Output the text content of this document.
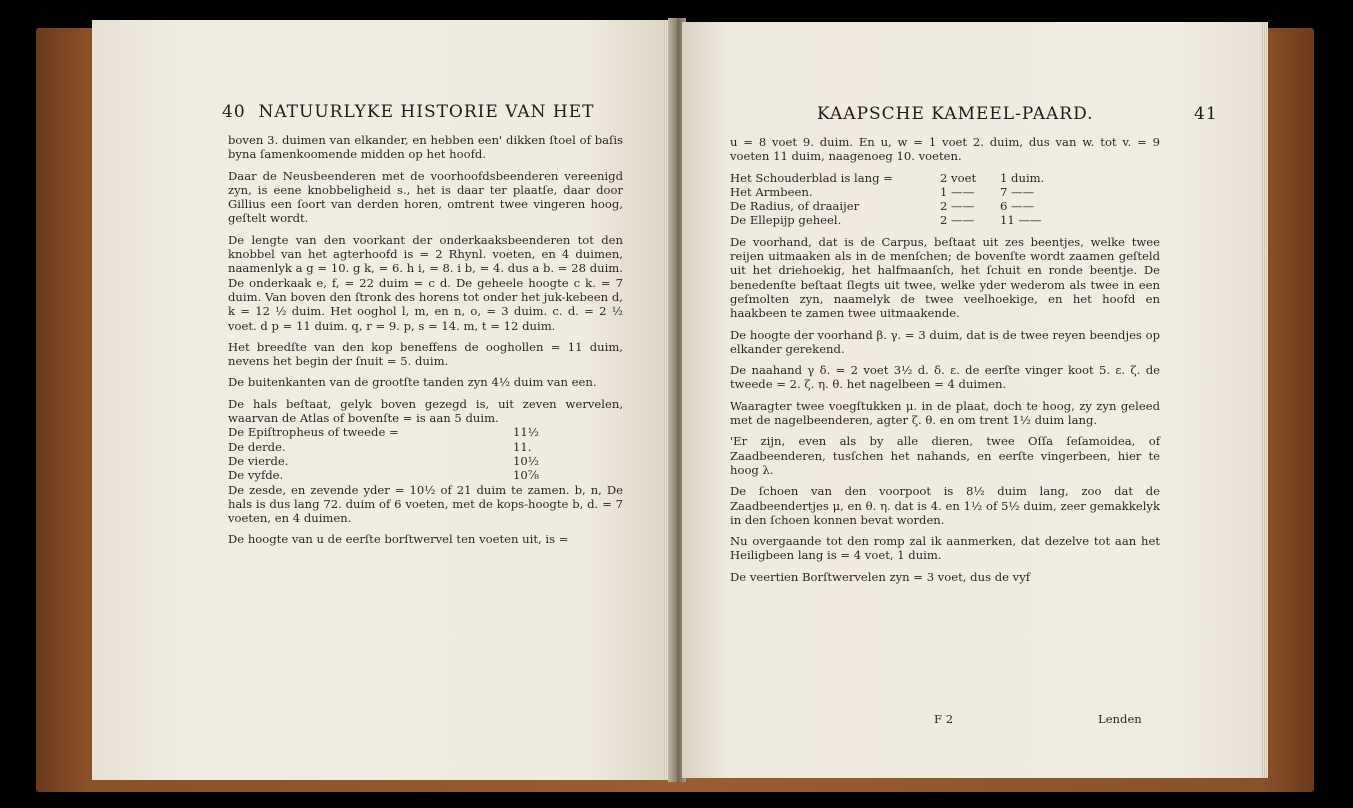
40 NATUURLYKE HISTORIE VAN HET

boven 3. duimen van elkander, en hebben een' dikken ſtoel of baſis byna ſamenkoomende midden op het hoofd.

Daar de Neusbeenderen met de voorhoofdsbeenderen vereenigd zyn, is eene knobbeligheid s., het is daar ter plaatſe, daar door Gillius een ſoort van derden horen, omtrent twee vingeren hoog, geſtelt wordt.

De lengte van den voorkant der onderkaaksbeenderen tot den knobbel van het agterhoofd is = 2 Rhynl. voeten, en 4 duimen, naamenlyk a g = 10. g k, = 6. h i, = 8. i b, = 4. dus a b. = 28 duim. De onderkaak e, f, = 22 duim = c d. De geheele hoogte c k. = 7 duim. Van boven den ſtronk des horens tot onder het juk-kebeen d, k = 12 ½ duim. Het ooghol l, m, en n, o, = 3 duim. c. d. = 2 ½ voet. d p = 11 duim. q, r = 9. p, s = 14. m, t = 12 duim.

Het breedſte van den kop beneffens de ooghollen = 11 duim, nevens het begin der ſnuit = 5. duim.

De buitenkanten van de grootſte tanden zyn 4½ duim van een.

De hals beſtaat, gelyk boven gezegd is, uit zeven wervelen, waarvan de Atlas of bovenſte = is aan 5 duim.

De Epiſtropheus of tweede =	11½
De derde.	11.
De vierde.	10½
De vyfde.	10⅞

De zesde, en zevende yder = 10½ of 21 duim te zamen. b, n, De hals is dus lang 72. duim of 6 voeten, met de kops-hoogte b, d. = 7 voeten, en 4 duimen.

De hoogte van u de eerſte borſtwervel ten voeten uit, is =

KAAPSCHE KAMEEL-PAARD.	41

u = 8 voet 9. duim. En u, w = 1 voet 2. duim, dus van w. tot v. = 9 voeten 11 duim, naagenoeg 10. voeten.

Het Schouderblad is lang =	2 voet	1 duim.
Het Armbeen.	1 ——	7 ——
De Radius, of draaijer	2 ——	6 ——
De Ellepijp geheel.	2 ——	11 ——

De voorhand, dat is de Carpus, beſtaat uit zes beentjes, welke twee reijen uitmaaken als in de menſchen; de bovenſte wordt zaamen geſteld uit het driehoekig, het halfmaanſch, het ſchuit en ronde beentje. De benedenſte beſtaat ſlegts uit twee, welke yder wederom als twee in een geſmolten zyn, naamelyk de twee veelhoekige, en het hoofd en haakbeen te zamen twee uitmaakende.

De hoogte der voorhand β. γ. = 3 duim, dat is de twee reyen beendjes op elkander gerekend.

De naahand γ δ. = 2 voet 3½ d. δ. ε. de eerſte vinger koot 5. ε. ζ. de tweede = 2. ζ. η. θ. het nagelbeen = 4 duimen.

Waaragter twee voegſtukken μ. in de plaat, doch te hoog, zy zyn geleed met de nagelbeenderen, agter ζ. θ. en om trent 1½ duim lang.

'Er zijn, even als by alle dieren, twee Oſſa ſeſamoidea, of Zaadbeenderen, tusſchen het nahands, en eerſte vingerbeen, hier te hoog λ.

De ſchoen van den voorpoot is 8½ duim lang, zoo dat de Zaadbeendertjes μ, en θ. η. dat is 4. en 1½ of 5½ duim, zeer gemakkelyk in den ſchoen konnen bevat worden.

Nu overgaande tot den romp zal ik aanmerken, dat dezelve tot aan het Heiligbeen lang is = 4 voet, 1 duim.

De veertien Borſtwervelen zyn = 3 voet, dus de vyf

F 2	Lenden
